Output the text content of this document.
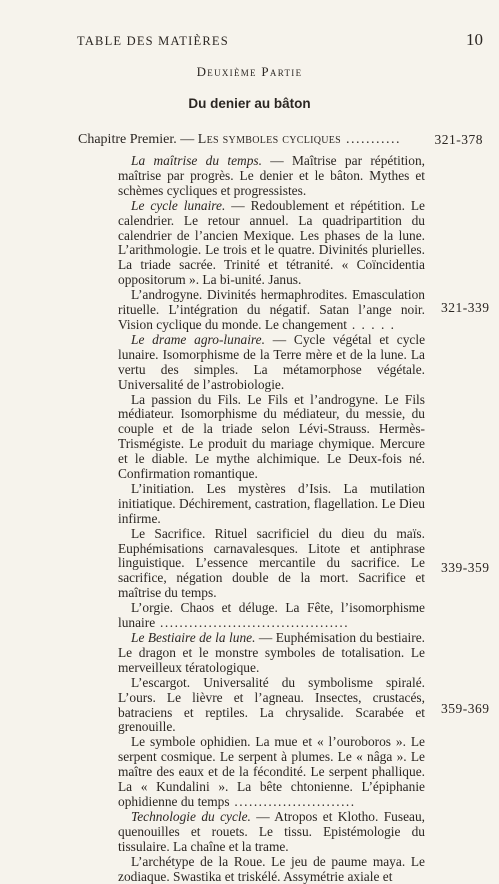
TABLE DES MATIÈRES	10
Deuxième Partie
Du denier au bâton
Chapitre Premier. — Les symboles cycliques ........... 321-378

La maîtrise du temps. — Maîtrise par répétition, maîtrise par progrès. Le denier et le bâton. Mythes et schèmes cycliques et progressistes.

Le cycle lunaire. — Redoublement et répétition. Le calendrier. Le retour annuel. La quadripartition du calendrier de l’ancien Mexique. Les phases de la lune. L’arithmologie. Le trois et le quatre. Divinités plurielles. La triade sacrée. Trinité et tétranité. « Coïncidentia oppositorum ». La bi-unité. Janus.

L’androgyne. Divinités hermaphrodites. Emasculation rituelle. L’intégration du négatif. Satan l’ange noir. Vision cyclique du monde. Le changement . . . . .

Le drame agro-lunaire. — Cycle végétal et cycle lunaire. Isomorphisme de la Terre mère et de la lune. La vertu des simples. La métamorphose végétale. Universalité de l’astrobiologie.

La passion du Fils. Le Fils et l’androgyne. Le Fils médiateur. Isomorphisme du médiateur, du messie, du couple et de la triade selon Lévi-Strauss. Hermès-Trismégiste. Le produit du mariage chymique. Mercure et le diable. Le mythe alchimique. Le Deux-fois né. Confirmation romantique.

L’initiation. Les mystères d’Isis. La mutilation initiatique. Déchirement, castration, flagellation. Le Dieu infirme.

Le Sacrifice. Rituel sacrificiel du dieu du maïs. Euphémisations carnavalesques. Litote et antiphrase linguistique. L’essence mercantile du sacrifice. Le sacrifice, négation double de la mort. Sacrifice et maîtrise du temps.

L’orgie. Chaos et déluge. La Fête, l’isomorphisme lunaire .......................................

Le Bestiaire de la lune. — Euphémisation du bestiaire. Le dragon et le monstre symboles de totalisation. Le merveilleux tératologique.

L’escargot. Universalité du symbolisme spiralé. L’ours. Le lièvre et l’agneau. Insectes, crustacés, batraciens et reptiles. La chrysalide. Scarabée et grenouille.

Le symbole ophidien. La mue et « l’ouroboros ». Le serpent cosmique. Le serpent à plumes. Le « nâga ». Le maître des eaux et de la fécondité. Le serpent phallique. La « Kundalini ». La bête chtonienne. L’épiphanie ophidienne du temps .........................

Technologie du cycle. — Atropos et Klotho. Fuseau, quenouilles et rouets. Le tissu. Epistémologie du tissulaire. La chaîne et la trame.

L’archétype de la Roue. Le jeu de paume maya. Le zodiaque. Swastika et triskélé. Assymétrie axiale et

321-339
339-359
359-369
